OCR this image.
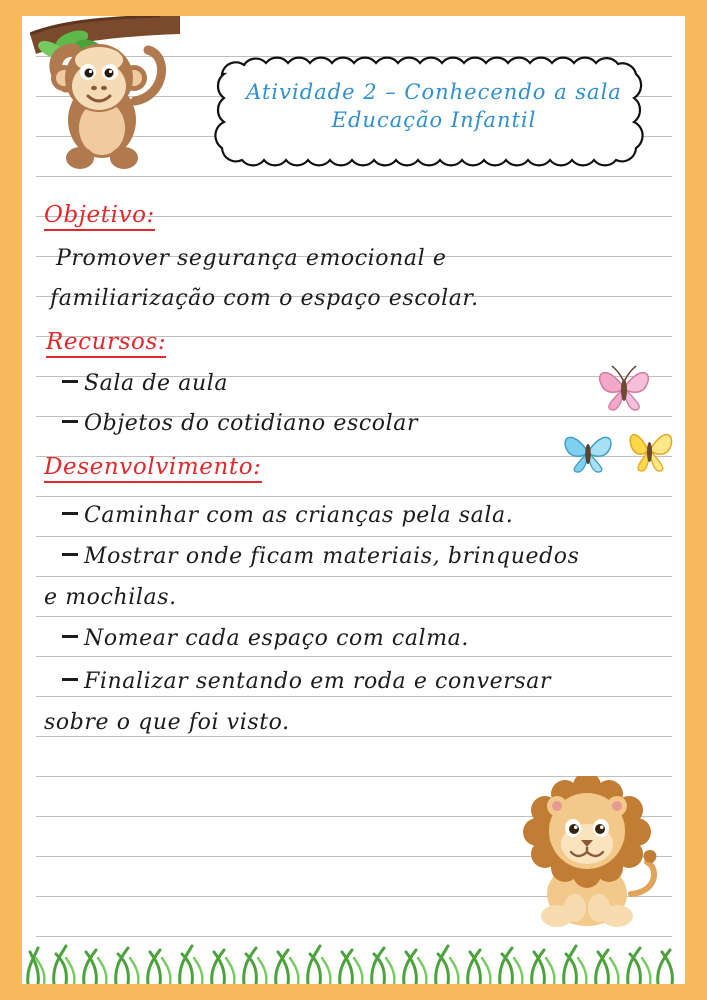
Atividade 2 – Conhecendo a sala
Educação Infantil
Objetivo:
Promover segurança emocional e
familiarização com o espaço escolar.
Recursos:
Sala de aula
Objetos do cotidiano escolar
Desenvolvimento:
Caminhar com as crianças pela sala.
Mostrar onde ficam materiais, brinquedos
e mochilas.
Nomear cada espaço com calma.
Finalizar sentando em roda e conversar
sobre o que foi visto.
